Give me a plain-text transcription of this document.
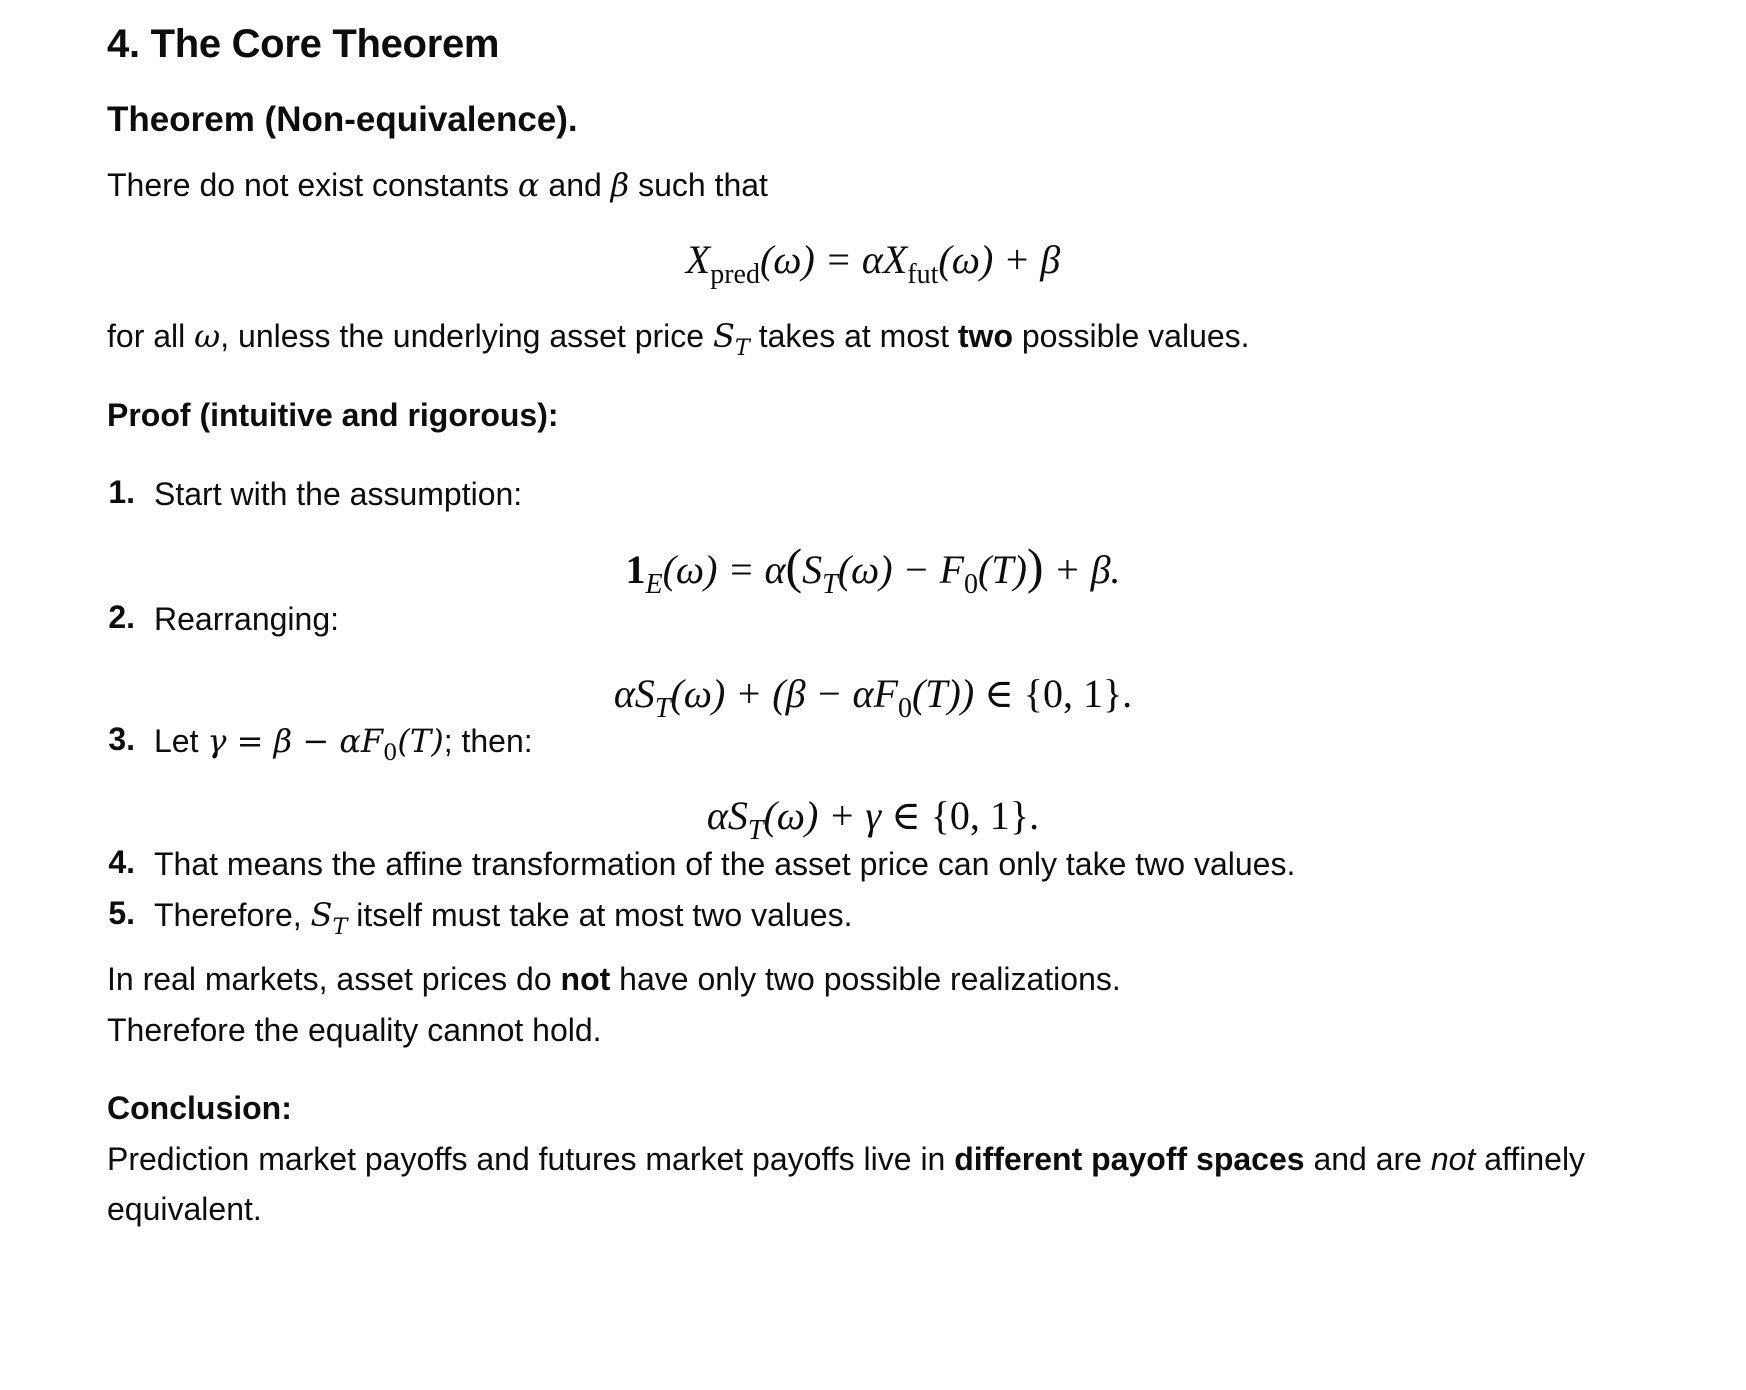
4. The Core Theorem
Theorem (Non-equivalence).
There do not exist constants α and β such that
$X_{pred}(\omega) = \alpha X_{fut}(\omega) + \beta$
for all ω, unless the underlying asset price $S_T$ takes at most two possible values.
Proof (intuitive and rigorous):
1. Start with the assumption:
$1_E(\omega) = \alpha(S_T(\omega) - F_0(T)) + \beta$.
2. Rearranging:
$\alpha S_T(\omega) + (\beta - \alpha F_0(T))$ ∈ {0, 1}.
3. Let $\gamma = \beta - \alpha F_0(T)$; then:
$\alpha S_T(\omega) + \gamma$ ∈ {0, 1}.
4. That means the affine transformation of the asset price can only take two values.
5. Therefore, $S_T$ itself must take at most two values.
In real markets, asset prices do not have only two possible realizations.
Therefore the equality cannot hold.
Conclusion:
Prediction market payoffs and futures market payoffs live in different payoff spaces and are not affinely
equivalent.
